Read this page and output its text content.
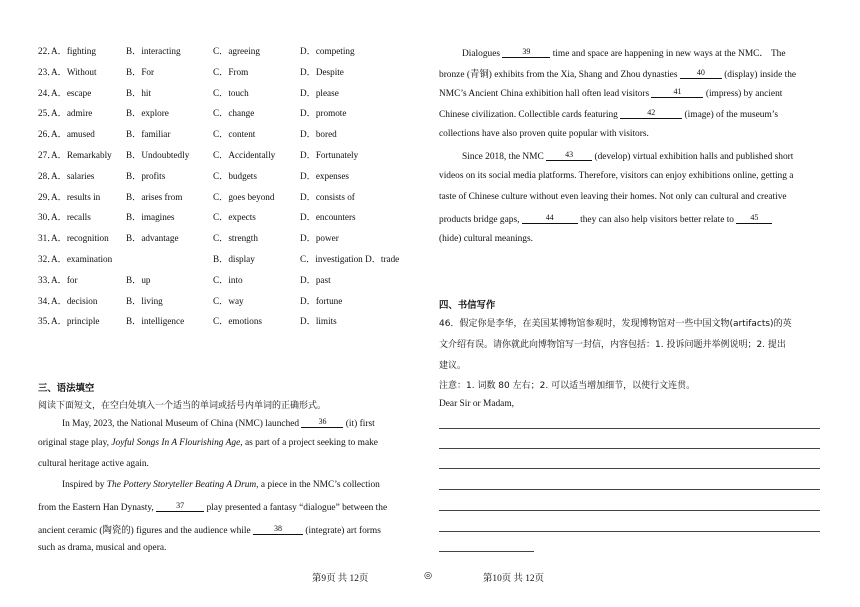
22．
A．fighting	B．interacting	C．agreeing	D．competing
23．
A．Without	B．For	C．From	D．Despite
24．
A．escape	B．hit	C．touch	D．please
25．
A．admire	B．explore	C．change	D．promote
26．
A．amused	B．familiar	C．content	D．bored
27．
A．Remarkably B．Undoubtedly	C．Accidentally	D．Fortunately
28．
A．salaries	B．profits	C．budgets	D．expenses
29．
A．results in	B．arises from	C．goes beyond	D．consists of
30．
A．recalls	B．imagines	C．expects	D．encounters
31．
A．recognition B．advantage	C．strength	D．power
32．
A．examination	B．display	C．investigation D．trade
33．
A．for	B．up	C．into	D．past
34．
A．decision	B．living	C．way	D．fortune
35．
A．principle	B．intelligence	C．emotions	D．limits
三、语法填空
阅读下面短文，在空白处填入一个适当的单词或括号内单词的正确形式。
In May, 2023, the National Museum of China (NMC) launched 36 (it) first
original stage play, Joyful Songs In A Flourishing Age, as part of a project seeking to make
cultural heritage active again.
Inspired by The Pottery Storyteller Beating A Drum, a piece in the NMC’s collection
from the Eastern Han Dynasty,	37 play presented a fantasy “dialogue” between the
ancient ceramic (陶瓷的) figures and the audience while	38 (integrate) art forms
such as drama, musical and opera.
Dialogues	39 time and space are happening in new ways at the NMC． The
bronze (青铜) exhibits from the Xia, Shang and Zhou dynasties 40 (display) inside the
NMC’s Ancient China exhibition hall often lead visitors	41	(impress) by ancient
Chinese civilization. Collectible cards featuring	42	(image) of the museum’s
collections have also proven quite popular with visitors.
Since 2018, the NMC	43 (develop) virtual exhibition halls and published short
videos on its social media platforms. Therefore, visitors can enjoy exhibitions online, getting a
taste of Chinese culture without even leaving their homes. Not only can cultural and creative
products bridge gaps,	44	they can also help visitors better relate to 45
(hide) cultural meanings.
四、书信写作
46．假定你是李华，在美国某博物馆参观时，发现博物馆对一些中国文物(artifacts)的英
文介绍有误。请你就此向博物馆写一封信，内容包括：1. 投诉问题并举例说明；2. 提出
建议。
注意：1. 词数 80 左右；2. 可以适当增加细节，以使行文连贯。
Dear Sir or Madam,
第9页 共 12页	◎	第10页 共 12页
